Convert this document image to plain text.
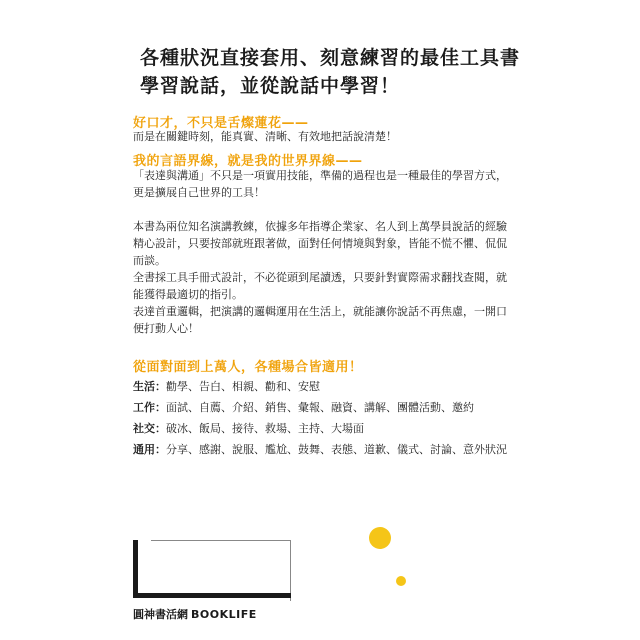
各種狀況直接套用、刻意練習的最佳工具書
學習說話，並從說話中學習！
好口才，不只是舌燦蓮花——
而是在關鍵時刻，能真實、清晰、有效地把話說清楚！
我的言語界線，就是我的世界界線——
「表達與溝通」不只是一項實用技能，準備的過程也是一種最佳的學習方式，
更是擴展自己世界的工具！

本書為兩位知名演講教練，依據多年指導企業家、名人到上萬學員說話的經驗精心設計，只要按部就班跟著做，面對任何情境與對象，皆能不慌不懼、侃侃而談。

全書採工具手冊式設計，不必從頭到尾讀透，只要針對實際需求翻找查閱，就能獲得最適切的指引。

表達首重邏輯，把演講的邏輯運用在生活上，就能讓你說話不再焦慮，一開口便打動人心！

從面對面到上萬人，各種場合皆適用！
生活：勸學、告白、相親、勸和、安慰
工作：面試、自薦、介紹、銷售、彙報、融資、講解、團體活動、邀約
社交：破冰、飯局、接待、救場、主持、大場面
通用：分享、感謝、說服、尷尬、鼓舞、表態、道歉、儀式、討論、意外狀況
圓神書活網 BOOKLIFE
